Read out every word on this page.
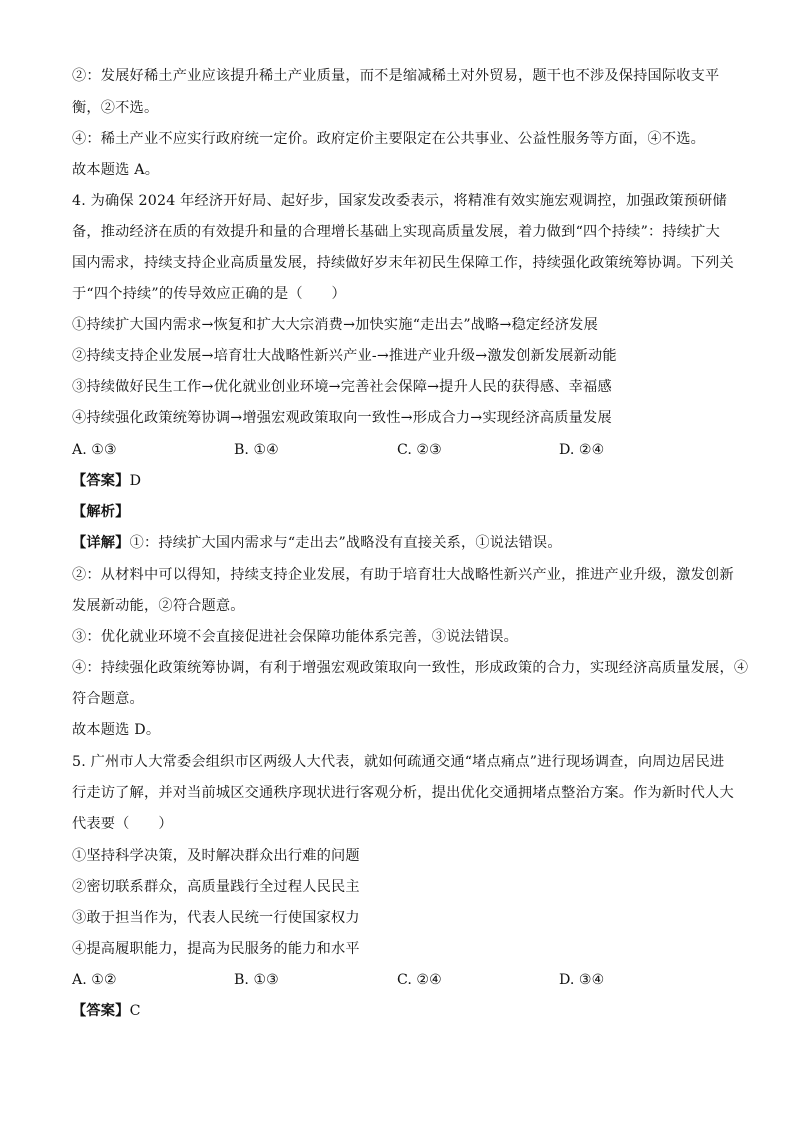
②：发展好稀土产业应该提升稀土产业质量，而不是缩减稀土对外贸易，题干也不涉及保持国际收支平
衡，②不选。
④：稀土产业不应实行政府统一定价。政府定价主要限定在公共事业、公益性服务等方面，④不选。
故本题选 A。
4. 为确保 2024 年经济开好局、起好步，国家发改委表示，将精准有效实施宏观调控，加强政策预研储
备，推动经济在质的有效提升和量的合理增长基础上实现高质量发展，着力做到“四个持续”：持续扩大
国内需求，持续支持企业高质量发展，持续做好岁末年初民生保障工作，持续强化政策统筹协调。下列关
于“四个持续”的传导效应正确的是（　　）
①持续扩大国内需求→恢复和扩大大宗消费→加快实施“走出去”战略→稳定经济发展
②持续支持企业发展→培育壮大战略性新兴产业-→推进产业升级→激发创新发展新动能
③持续做好民生工作→优化就业创业环境→完善社会保障→提升人民的获得感、幸福感
④持续强化政策统筹协调→增强宏观政策取向一致性→形成合力→实现经济高质量发展
A. ①③	B. ①④	C. ②③	D. ②④
【答案】D
【解析】
【详解】①：持续扩大国内需求与“走出去”战略没有直接关系，①说法错误。
②：从材料中可以得知，持续支持企业发展，有助于培育壮大战略性新兴产业，推进产业升级，激发创新
发展新动能，②符合题意。
③：优化就业环境不会直接促进社会保障功能体系完善，③说法错误。
④：持续强化政策统筹协调，有利于增强宏观政策取向一致性，形成政策的合力，实现经济高质量发展，④
符合题意。
故本题选 D。
5. 广州市人大常委会组织市区两级人大代表，就如何疏通交通“堵点痛点”进行现场调查，向周边居民进
行走访了解，并对当前城区交通秩序现状进行客观分析，提出优化交通拥堵点整治方案。作为新时代人大
代表要（　　）
①坚持科学决策，及时解决群众出行难的问题
②密切联系群众，高质量践行全过程人民民主
③敢于担当作为，代表人民统一行使国家权力
④提高履职能力，提高为民服务的能力和水平
A. ①②	B. ①③	C. ②④	D. ③④
【答案】C
